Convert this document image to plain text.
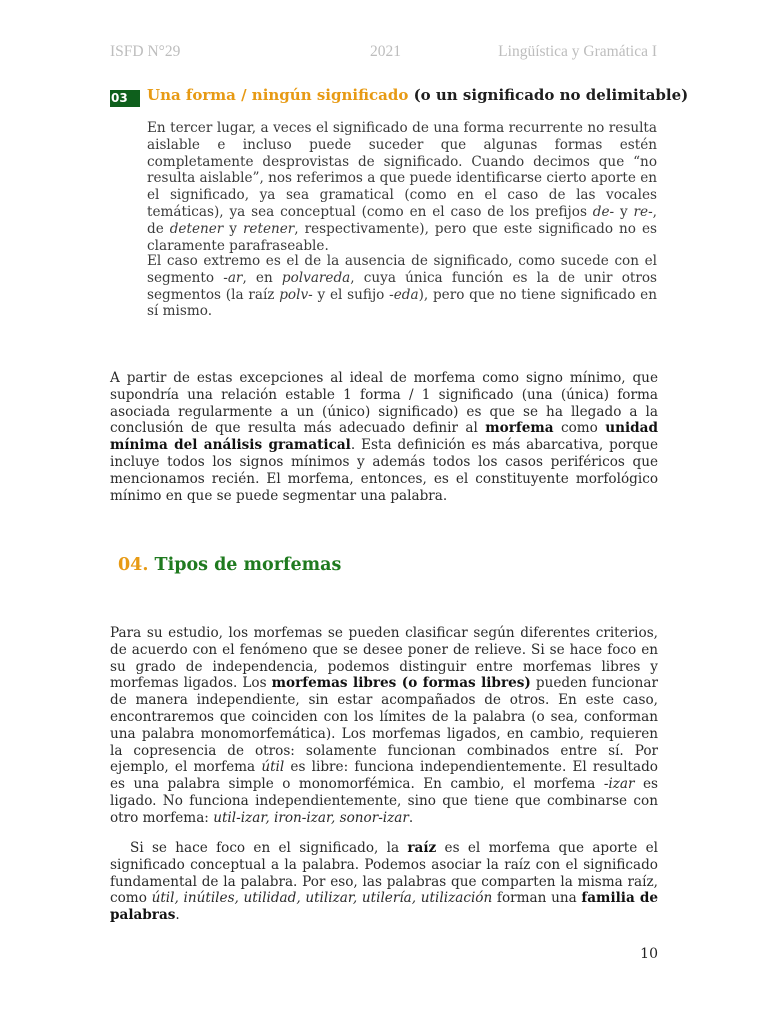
ISFD N°29	2021	Lingüística y Gramática I
03	Una forma / ningún significado (o un significado no delimitable)

En tercer lugar, a veces el significado de una forma recurrente no resulta aislable e incluso puede suceder que algunas formas estén completamente desprovistas de significado. Cuando decimos que “no resulta aislable”, nos referimos a que puede identificarse cierto aporte en el significado, ya sea gramatical (como en el caso de las vocales temáticas), ya sea conceptual (como en el caso de los prefijos de- y re-, de detener y retener, respectivamente), pero que este significado no es claramente parafraseable.

El caso extremo es el de la ausencia de significado, como sucede con el segmento -ar, en polvareda, cuya única función es la de unir otros segmentos (la raíz polv- y el sufijo -eda), pero que no tiene significado en sí mismo.

A partir de estas excepciones al ideal de morfema como signo mínimo, que supondría una relación estable 1 forma / 1 significado (una (única) forma asociada regularmente a un (único) significado) es que se ha llegado a la conclusión de que resulta más adecuado definir al morfema como unidad mínima del análisis gramatical. Esta definición es más abarcativa, porque incluye todos los signos mínimos y además todos los casos periféricos que mencionamos recién. El morfema, entonces, es el constituyente morfológico mínimo en que se puede segmentar una palabra.

04. Tipos de morfemas

Para su estudio, los morfemas se pueden clasificar según diferentes criterios, de acuerdo con el fenómeno que se desee poner de relieve. Si se hace foco en su grado de independencia, podemos distinguir entre morfemas libres y morfemas ligados. Los morfemas libres (o formas libres) pueden funcionar de manera independiente, sin estar acompañados de otros. En este caso, encontraremos que coinciden con los límites de la palabra (o sea, conforman una palabra monomorfemática). Los morfemas ligados, en cambio, requieren la copresencia de otros: solamente funcionan combinados entre sí. Por ejemplo, el morfema útil es libre: funciona independientemente. El resultado es una palabra simple o monomorfémica. En cambio, el morfema -izar es ligado. No funciona independientemente, sino que tiene que combinarse con otro morfema: util-izar, iron-izar, sonor-izar.

Si se hace foco en el significado, la raíz es el morfema que aporte el significado conceptual a la palabra. Podemos asociar la raíz con el significado fundamental de la palabra. Por eso, las palabras que comparten la misma raíz, como útil, inútiles, utilidad, utilizar, utilería, utilización forman una familia de palabras.

10
